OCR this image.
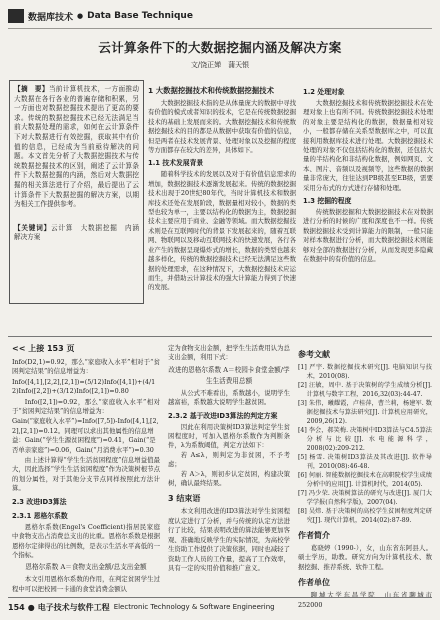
数据库技术 ● Data Base Technique
云计算条件下的大数据挖掘内涵及解决方案
文/饶正婵　蒲天银

【摘　要】当前计算机技术，一方面推动大数据在各行各业的普遍存储和积累，另一方面也对数据挖掘技术提出了更高的要求。传统的数据挖掘技术已经无法满足当前大数据处理的需求，如何在云计算条件下对大数据进行有效挖掘，获取其中有价值的信息，已经成为当前亟待解决的问题。本文首先分析了大数据挖掘技术与传统数据挖掘技术的区别，阐述了云计算条件下大数据挖掘的内涵，然后对大数据挖掘的相关算法进行了介绍，最后提出了云计算条件下大数据挖掘的解决方案，以期为相关工作提供参考。

【关键词】云计算　大数据挖掘　内涵　解决方案

1 大数据挖掘技术和传统数据挖掘技术

大数据挖掘技术指的是从体量庞大的数据中寻找有价值的模式或者知识的技术，它是在传统数据挖掘技术的基础上发展而来的。大数据挖掘技术和传统数据挖掘技术的目的都是从数据中获取有价值的信息，但是两者在技术发展背景、处理对象以及挖掘的程度等方面都存在较大的差异，具体如下。

1.1 技术发展背景

随着科学技术的发展以及对于有价值信息需求的增加，数据挖掘技术逐渐发展起来。传统的数据挖掘技术出现于20世纪80年代，当时计算机技术和数据库技术还处在发展阶段，数据量相对较小，数据的类型也较为单一，主要以结构化的数据为主，数据挖掘技术主要应用于商业、金融等领域。而大数据挖掘技术则是在互联网时代的背景下发展起来的，随着互联网、物联网以及移动互联网技术的快速发展，各行各业产生的数据呈现爆炸式的增长，数据的类型也越来越多样化，传统的数据挖掘技术已经无法满足这些数据的处理需求，在这种情况下，大数据挖掘技术应运而生，并借助云计算技术的强大计算能力得到了快速的发展。

1.2 处理对象

大数据挖掘技术和传统数据挖掘技术在处理对象上也有所不同。传统数据挖掘技术处理的对象主要是结构化的数据，数据量相对较小，一般都存储在关系型数据库之中，可以直接利用数据库技术进行处理。大数据挖掘技术处理的对象不仅包括结构化的数据，还包括大量的半结构化和非结构化数据，例如网页、文本、图片、音频以及视频等，这些数据的数据量非常庞大，往往达到PB级甚至EB级，需要采用分布式的方式进行存储和处理。

1.3 挖掘的程度

传统数据挖掘和大数据挖掘技术在对数据进行分析的时候的广度和深度也不一样。传统数据挖掘技术受到计算能力的限制，一般只能对样本数据进行分析，而大数据挖掘技术则能够对全部的数据进行分析，从而发现更多隐藏在数据中的有价值的信息。

<< 上接 153 页

Info(D2,1)=0.92，那么“家庭收入水平”相对于“贫困判定结果”的信息增益为：

Info([4,1],[2,2],[2,1])=(5/12)Info([4,1])+(4/12)Info([2,2])+(3/12)Info([2,1])=0.80

Info([2,1])=0.92，那么“家庭收入水平”相对于“贫困判定结果”的信息增益为：

Gain(“家庭收入水平”)=Info([7,5])-Info([4,1],[2,2],[2,1])=0.12。同理可以求出其他属性的信息增益：Gain(“学生生源贫困程度”)=0.41，Gain(“是否单亲家庭”)=0.06，Gain(“月消费水平”)=0.30

由上述计算得“学生生活贫困程度”信息增益值最大，因此选择“学生生活贫困程度”作为决策树根节点的划分属性，对于其他分支节点同样按照此方法计算。

2.3 改进ID3算法

2.3.1 恩格尔系数

恩格尔系数(Engel's Coefficient)指居民家庭中食物支出占消费总支出的比重。恩格尔系数是根据恩格尔定律得出的比例数，是表示生活水平高低的一个指标。

恩格尔系数 A＝食物支出金额/总支出金额

本文引用恩格尔系数的作用，在判定贫困学生过程中可以把校园一卡通的食堂消费金额认

定为食物支出金额，把学生生活费用认为总支出金额，利用下式：

改进的恩格尔系数 A＝校园卡食堂金额/学生生活费用总额

从公式不难看出，系数越小，说明学生越富裕，系数越大说明学生越贫困。

2.3.2 基于改进ID3算法的判定方案

因此在利用决策树ID3算法判定学生贫困程度时，可加入恩格尔系数作为判断条件，λ为系数阈值，判定方法如下：

若 A≤λ，则判定为非贫困，不予考虑；

若 A＞λ，则初步认定贫困，构建决策树，确认最终结果。

3 结束语

本文利用改进的ID3算法对学生贫困程度认定进行了分析，并与传统的认定方法进行了比较，结果表明改进的算法能够更加客观、准确地反映学生的实际情况，为高校学生资助工作提供了决策依据，同时也减轻了资助工作人员的工作量，提高了工作效率，具有一定的实用价值和推广意义。

参考文献

[1] 严宇. 数据挖掘技术研究[J]. 电脑知识与技术，2010(08).

[2] 汪敏，周中. 基于决策树的学生成绩分析[J]. 计算机与数字工程，2016,32(03):44-47.

[3] 朱伟，曦耀霞，卢桂萍，曹兰莉，杨建军. 数据挖掘技术与算法研究[J]. 计算机应用研究，2009,26(12).

[4] 李会，郝笑梅. 决策树中ID3算法与C4.5算法分析与比较[J]. 水电能源科学，2008(02):209-212.

[5] 杨雪. 决策树ID3算法及其改进[J]. 软件导刊，2010(08):46-48.

[6] 何丽. 智能数据挖掘技术在高职院校学生成绩分析中的应用[J]. 计算机时代，2014(05).

[7] 冯少荣. 决策树算法的研究与改进[J]. 厦门大学学报(自然科学版)，2007(04).

[8] 吴炜. 基于决策树的高校学生贫困程度判定研究[J]. 现代计算机，2014(02):87-89.

作者简介

葛晓婷（1990-），女，山东省东阿县人。硕士学历，助教。研究方向为计算机技术、数据挖掘、推荐系统、软件工程。

作者单位

聊城大学东昌学院　山东省聊城市　252000

154 ● 电子技术与软件工程 Electronic Technology & Software Engineering
